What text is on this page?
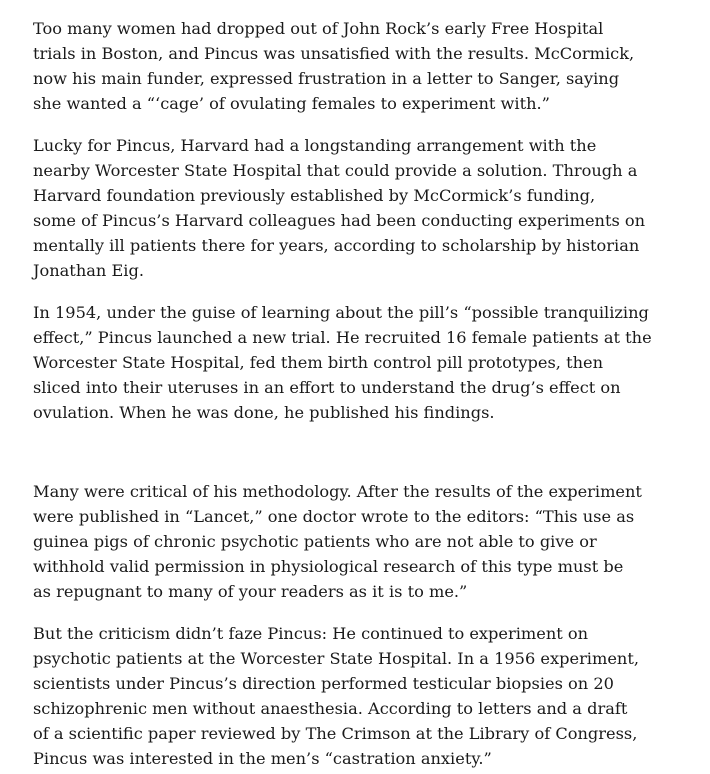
Too many women had dropped out of John Rock’s early Free Hospital
trials in Boston, and Pincus was unsatisfied with the results. McCormick,
now his main funder, expressed frustration in a letter to Sanger, saying
she wanted a “‘cage’ of ovulating females to experiment with.”

Lucky for Pincus, Harvard had a longstanding arrangement with the
nearby Worcester State Hospital that could provide a solution. Through a
Harvard foundation previously established by McCormick’s funding,
some of Pincus’s Harvard colleagues had been conducting experiments on
mentally ill patients there for years, according to scholarship by historian
Jonathan Eig.

In 1954, under the guise of learning about the pill’s “possible tranquilizing
effect,” Pincus launched a new trial. He recruited 16 female patients at the
Worcester State Hospital, fed them birth control pill prototypes, then
sliced into their uteruses in an effort to understand the drug’s effect on
ovulation. When he was done, he published his findings.

Many were critical of his methodology. After the results of the experiment
were published in “Lancet,” one doctor wrote to the editors: “This use as
guinea pigs of chronic psychotic patients who are not able to give or
withhold valid permission in physiological research of this type must be
as repugnant to many of your readers as it is to me.”

But the criticism didn’t faze Pincus: He continued to experiment on
psychotic patients at the Worcester State Hospital. In a 1956 experiment,
scientists under Pincus’s direction performed testicular biopsies on 20
schizophrenic men without anaesthesia. According to letters and a draft
of a scientific paper reviewed by The Crimson at the Library of Congress,
Pincus was interested in the men’s “castration anxiety.”
